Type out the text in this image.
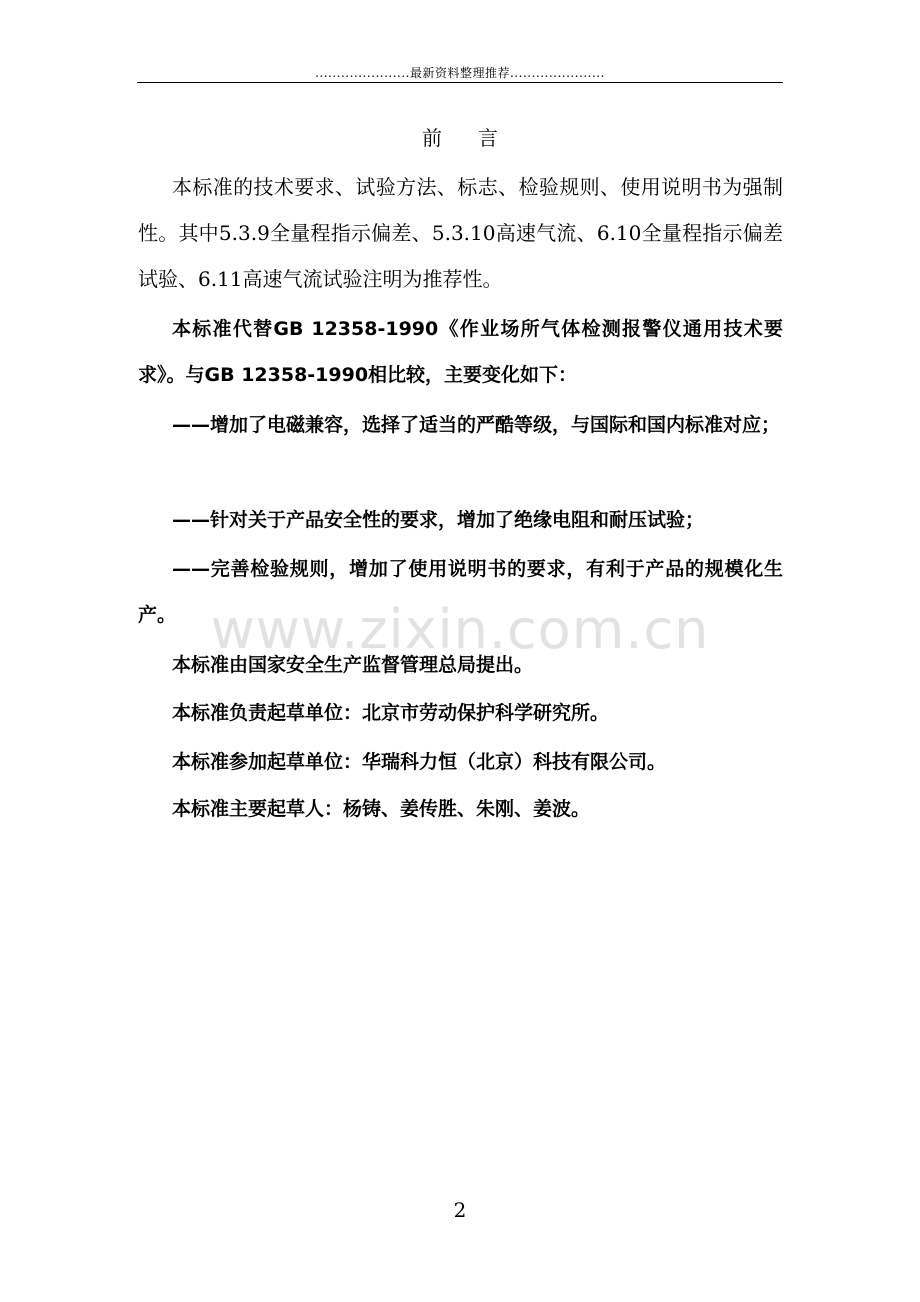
......................最新资料整理推荐......................
前言

本标准的技术要求、试验方法、标志、检验规则、使用说明书为强制性。其中5.3.9全量程指示偏差、5.3.10高速气流、6.10全量程指示偏差试验、6.11高速气流试验注明为推荐性。

本标准代替GB 12358-1990《作业场所气体检测报警仪通用技术要求》。与GB 12358-1990相比较，主要变化如下：

——增加了电磁兼容，选择了适当的严酷等级，与国际和国内标准对应；

——针对关于产品安全性的要求，增加了绝缘电阻和耐压试验；

——完善检验规则，增加了使用说明书的要求，有利于产品的规模化生产。

本标准由国家安全生产监督管理总局提出。

本标准负责起草单位：北京市劳动保护科学研究所。

本标准参加起草单位：华瑞科力恒（北京）科技有限公司。

本标准主要起草人：杨铸、姜传胜、朱刚、姜波。

www.zixin.com.cn
2
